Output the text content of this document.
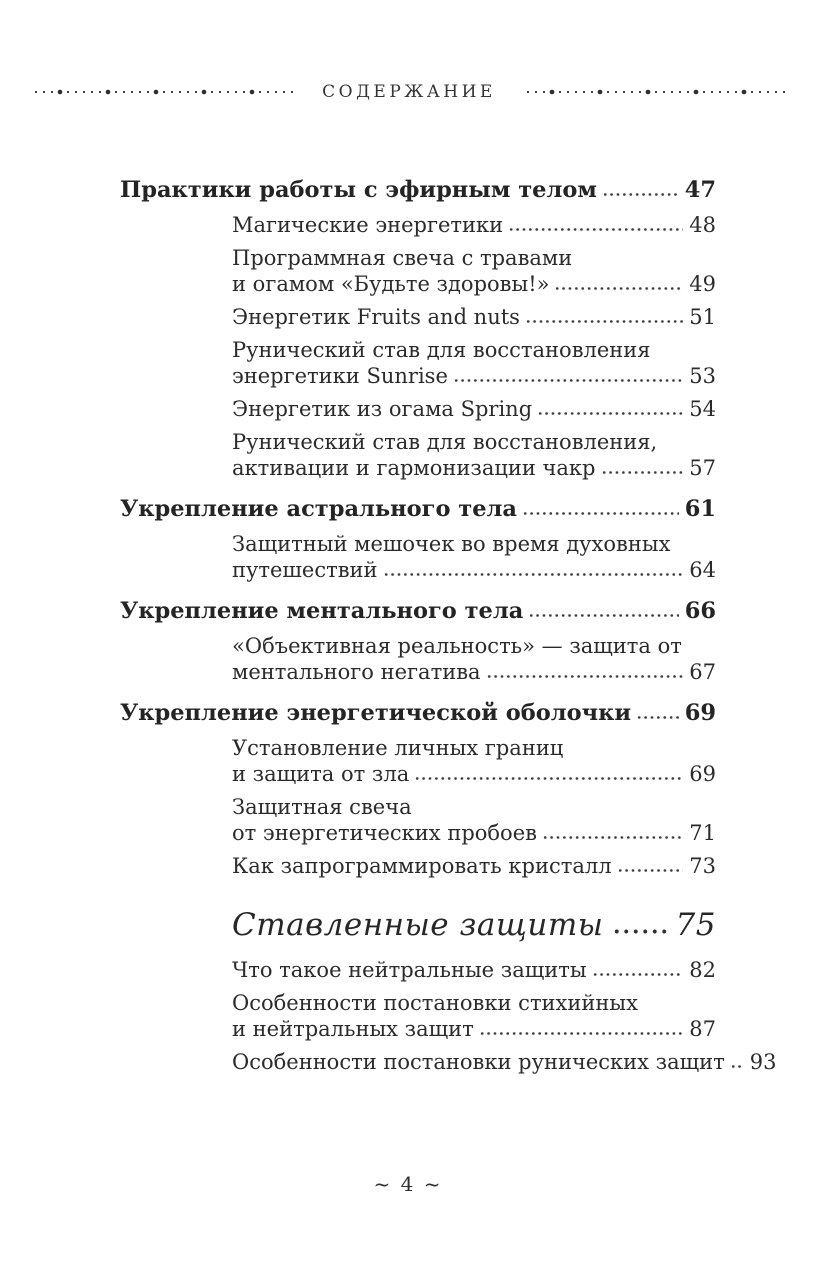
СОДЕРЖАНИЕ
Практики работы с эфирным телом	47
Магические энергетики	48
Программная свеча с травами
и огамом «Будьте здоровы!»	49
Энергетик Fruits and nuts	51
Рунический став для восстановления
энергетики Sunrise	53
Энергетик из огама Spring	54
Рунический став для восстановления,
активации и гармонизации чакр	57
Укрепление астрального тела	61
Защитный мешочек во время духовных
путешествий	64
Укрепление ментального тела	66
«Объективная реальность» — защита от
ментального негатива	67
Укрепление энергетической оболочки 69
Установление личных границ
и защита от зла	69
Защитная свеча
от энергетических пробоев	71
Как запрограммировать кристалл	73
Ставленные защиты 75
Что такое нейтральные защиты	82
Особенности постановки стихийных
и нейтральных защит	87
Особенности постановки рунических защит 93
~ 4 ~
